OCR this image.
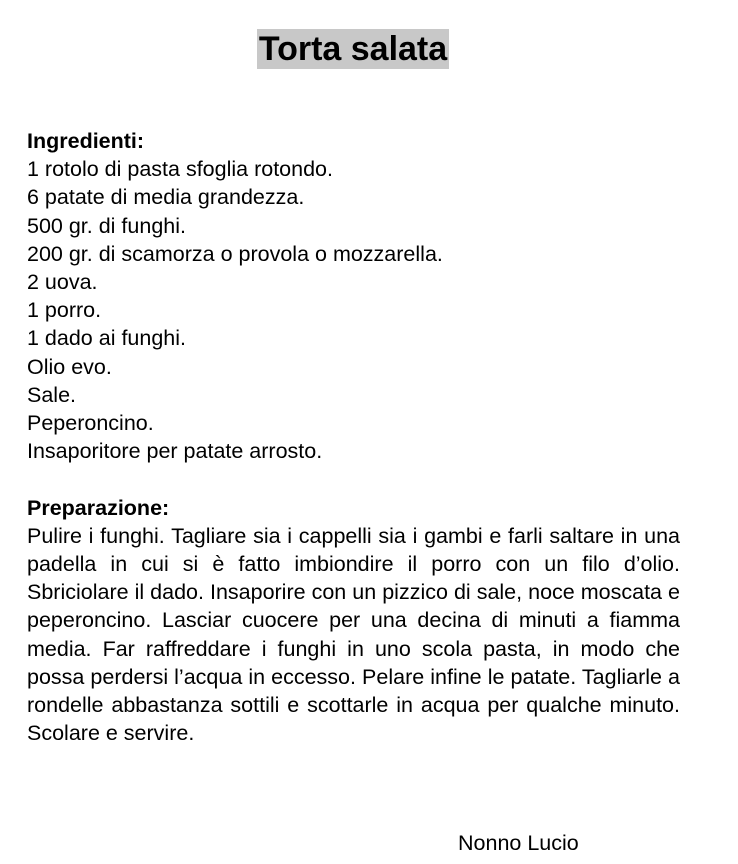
Torta salata

Ingredienti:

1 rotolo di pasta sfoglia rotondo.
6 patate di media grandezza.
500 gr. di funghi.
200 gr. di scamorza o provola o mozzarella.
2 uova.
1 porro.
1 dado ai funghi.
Olio evo.
Sale.
Peperoncino.
Insaporitore per patate arrosto.

Preparazione:

Pulire i funghi. Tagliare sia i cappelli sia i gambi e farli saltare in una padella in cui si è fatto imbiondire il porro con un filo d’olio. Sbriciolare il dado. Insaporire con un pizzico di sale, noce moscata e peperoncino. Lasciar cuocere per una decina di minuti a fiamma media. Far raffreddare i funghi in uno scola pasta, in modo che possa perdersi l’acqua in eccesso. Pelare infine le patate. Tagliarle a rondelle abbastanza sottili e scottarle in acqua per qualche minuto. Scolare e servire.

Nonno Lucio
